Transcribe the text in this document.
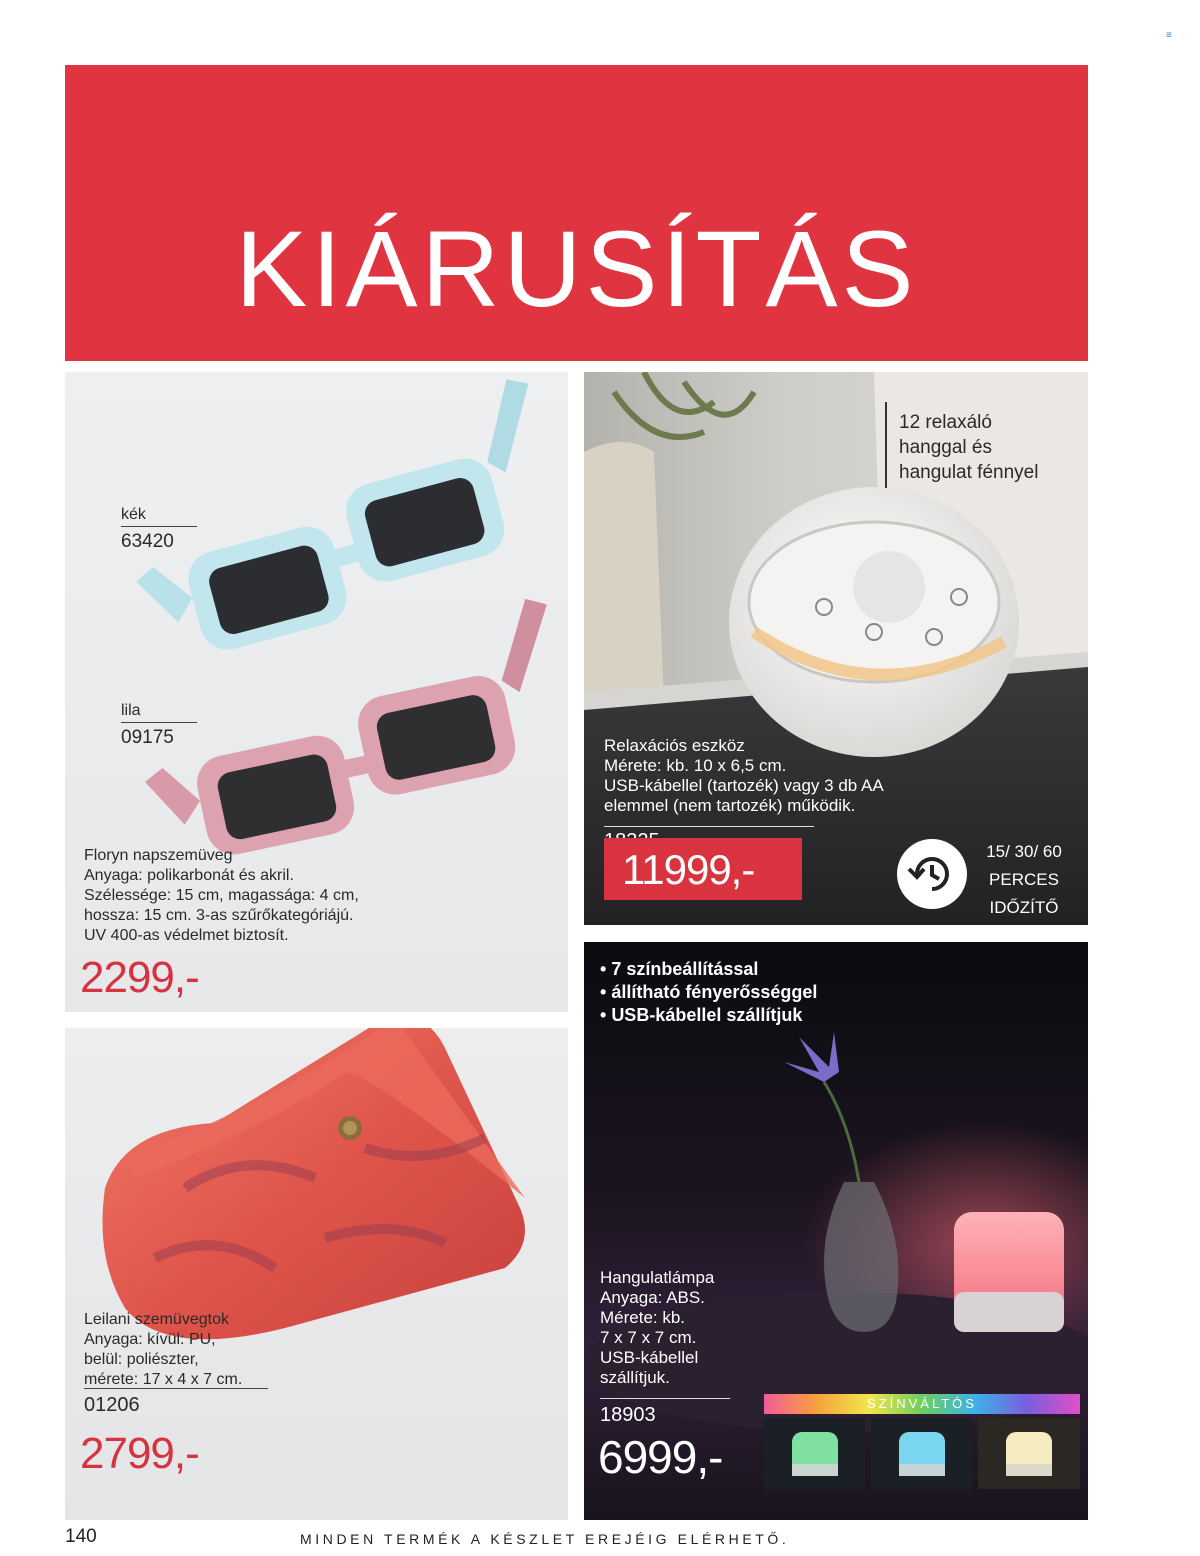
≡
KIÁRUSÍTÁS
kék
63420
lila
09175
Floryn napszemüveg
Anyaga: polikarbonát és akril.
Szélessége: 15 cm, magassága: 4 cm,
hossza: 15 cm. 3-as szűrőkategóriájú.
UV 400-as védelmet biztosít.
2299,-
Leilani szemüvegtok
Anyaga: kívül: PU,
belül: poliészter,
mérete: 17 x 4 x 7 cm.
01206
2799,-
12 relaxáló
hanggal és
hangulat fénnyel
Relaxációs eszköz
Mérete: kb. 10 x 6,5 cm.
USB-kábellel (tartozék) vagy 3 db AA
elemmel (nem tartozék) működik.
11999,-	15/ 30/ 60
PERCES
IDŐZÍTŐ
• 7 színbeállítással
• állítható fényerősséggel
• USB-kábellel szállítjuk
Hangulatlámpa
Anyaga: ABS.
Mérete: kb.
7 x 7 x 7 cm.
USB-kábellel
szállítjuk.
18903
6999,-
SZÍNVÁLTÓS
140	MINDEN TERMÉK A KÉSZLET EREJÉIG ELÉRHETŐ.
